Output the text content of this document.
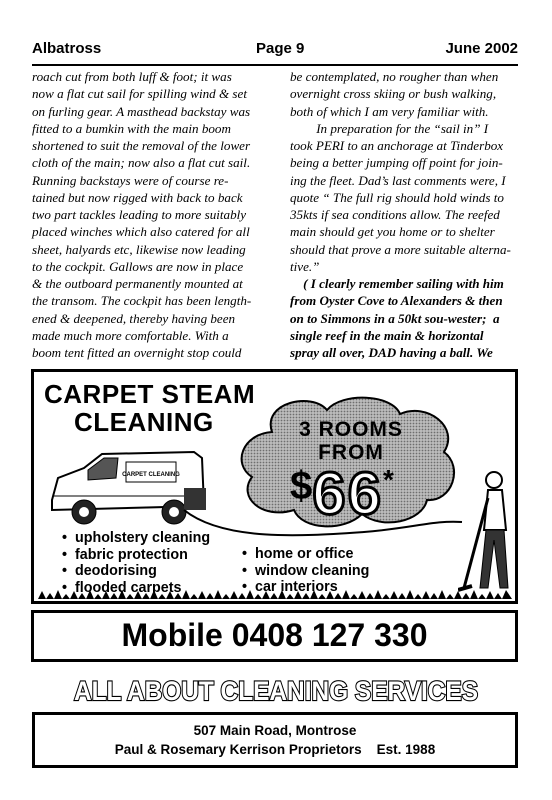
Albatross	Page 9	June 2002
roach cut from both luff & foot; it was
now a flat cut sail for spilling wind & set
on furling gear. A masthead backstay was
fitted to a bumkin with the main boom
shortened to suit the removal of the lower
cloth of the main; now also a flat cut sail.
Running backstays were of course re-
tained but now rigged with back to back
two part tackles leading to more suitably
placed winches which also catered for all
sheet, halyards etc, likewise now leading
to the cockpit. Gallows are now in place
& the outboard permanently mounted at
the transom. The cockpit has been length-
ened & deepened, thereby having been
made much more comfortable. With a
boom tent fitted an overnight stop could
be contemplated, no rougher than when
overnight cross skiing or bush walking,
both of which I am very familiar with.
In preparation for the “sail in” I
took PERI to an anchorage at Tinderbox
being a better jumping off point for join-
ing the fleet. Dad’s last comments were, I
quote “ The full rig should hold winds to
35kts if sea conditions allow. The reefed
main should get you home or to shelter
should that prove a more suitable alterna-
tive.”
( I clearly remember sailing with him
from Oyster Cove to Alexanders & then
on to Simmons in a 50kt sou-wester;  a
single reef in the main & horizontal
spray all over, DAD having a ball. We
CARPET STEAM
CLEANING	3 ROOMS
FROM
$66*
CARPET CLEANING
• upholstery cleaning
• fabric protection
• deodorising
• flooded carpets
• home or office
• window cleaning
• car interiors
Mobile 0408 127 330
ALL ABOUT CLEANING SERVICES
507 Main Road, Montrose
Paul & Rosemary Kerrison Proprietors Est. 1988
